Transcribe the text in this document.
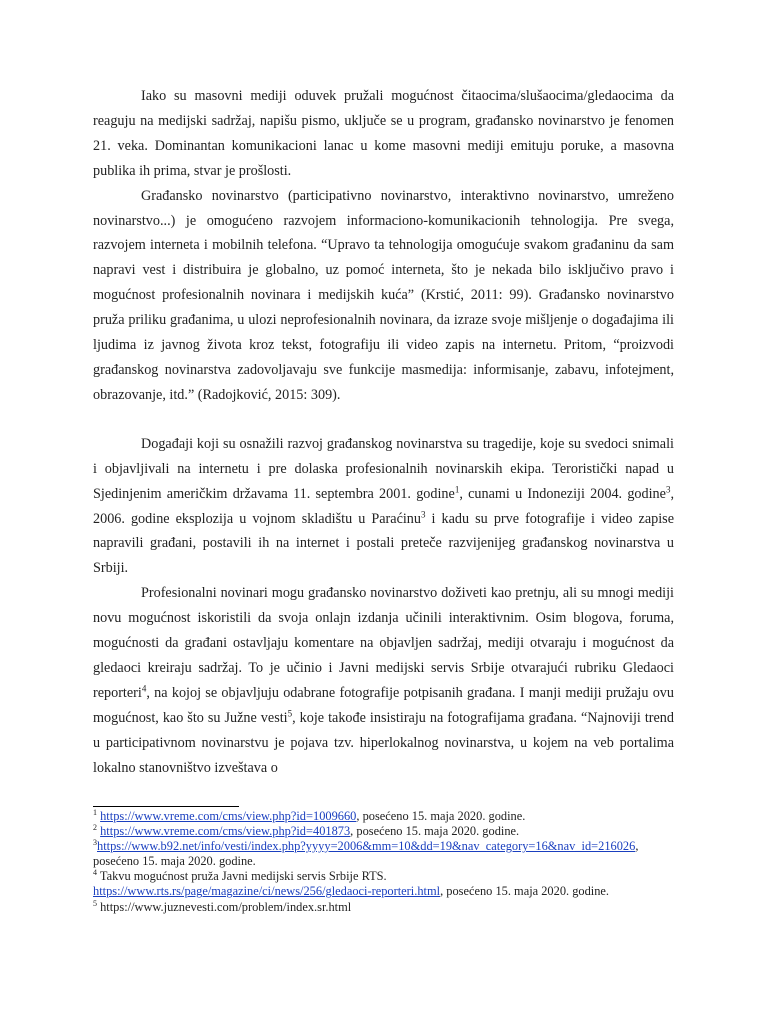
Iako su masovni mediji oduvek pružali mogućnost čitaocima/slušaocima/gledaocima da reaguju na medijski sadržaj, napišu pismo, uključe se u program, građansko novinarstvo je fenomen 21. veka. Dominantan komunikacioni lanac u kome masovni mediji emituju poruke, a masovna publika ih prima, stvar je prošlosti.

Građansko novinarstvo (participativno novinarstvo, interaktivno novinarstvo, umreženo novinarstvo...) je omogućeno razvojem informaciono-komunikacionih tehnologija. Pre svega, razvojem interneta i mobilnih telefona. “Upravo ta tehnologija omogućuje svakom građaninu da sam napravi vest i distribuira je globalno, uz pomoć interneta, što je nekada bilo isključivo pravo i mogućnost profesionalnih novinara i medijskih kuća” (Krstić, 2011: 99). Građansko novinarstvo pruža priliku građanima, u ulozi neprofesionalnih novinara, da izraze svoje mišljenje o događajima ili ljudima iz javnog života kroz tekst, fotografiju ili video zapis na internetu. Pritom, “proizvodi građanskog novinarstva zadovoljavaju sve funkcije masmedija: informisanje, zabavu, infotejment, obrazovanje, itd.” (Radojković, 2015: 309).

Događaji koji su osnažili razvoj građanskog novinarstva su tragedije, koje su svedoci snimali i objavljivali na internetu i pre dolaska profesionalnih novinarskih ekipa. Teroristički napad u Sjedinjenim američkim državama 11. septembra 2001. godine$^1$, cunami u Indoneziji 2004. godine$^3$, 2006. godine eksplozija u vojnom skladištu u Paraćinu$^3$ i kadu su prve fotografije i video zapise napravili građani, postavili ih na internet i postali preteče razvijenijeg građanskog novinarstva u Srbiji.

Profesionalni novinari mogu građansko novinarstvo doživeti kao pretnju, ali su mnogi mediji novu mogućnost iskoristili da svoja onlajn izdanja učinili interaktivnim. Osim blogova, foruma, mogućnosti da građani ostavljaju komentare na objavljen sadržaj, mediji otvaraju i mogućnost da gledaoci kreiraju sadržaj. To je učinio i Javni medijski servis Srbije otvarajući rubriku Gledaoci reporteri$^4$, na kojoj se objavljuju odabrane fotografije potpisanih građana. I manji mediji pružaju ovu mogućnost, kao što su Južne vesti$^5$, koje takođe insistiraju na fotografijama građana. “Najnoviji trend u participativnom novinarstvu je pojava tzv. hiperlokalnog novinarstva, u kojem na veb portalima lokalno stanovništvo izveštava o

$^1$ https://www.vreme.com/cms/view.php?id=1009660, posećeno 15. maja 2020. godine.

$^2$ https://www.vreme.com/cms/view.php?id=401873, posećeno 15. maja 2020. godine.

$^3$https://www.b92.net/info/vesti/index.php?yyyy=2006&mm=10&dd=19&nav_category=16&nav_id=216026, posećeno 15. maja 2020. godine.

$^4$ Takvu mogućnost pruža Javni medijski servis Srbije RTS.
https://www.rts.rs/page/magazine/ci/news/256/gledaoci-reporteri.html, posećeno 15. maja 2020. godine.

$^5$ https://www.juznevesti.com/problem/index.sr.html
